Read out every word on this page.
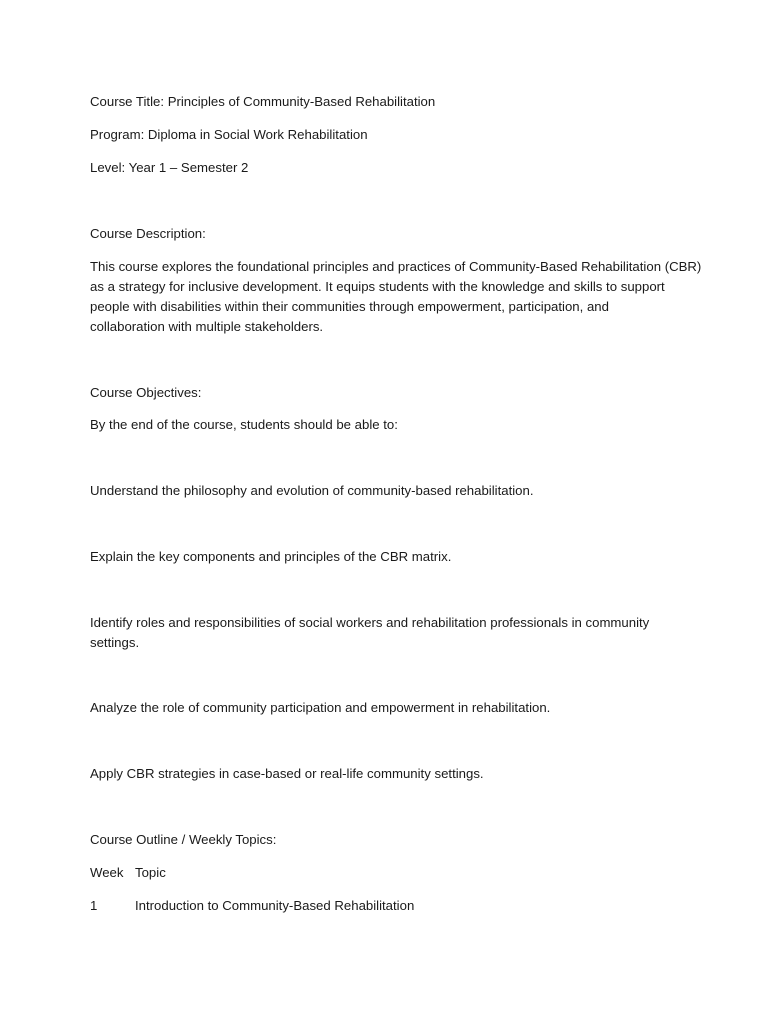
Course Title: Principles of Community-Based Rehabilitation
Program: Diploma in Social Work Rehabilitation
Level: Year 1 – Semester 2
Course Description:
This course explores the foundational principles and practices of Community-Based Rehabilitation (CBR)
as a strategy for inclusive development. It equips students with the knowledge and skills to support
people with disabilities within their communities through empowerment, participation, and
collaboration with multiple stakeholders.
Course Objectives:
By the end of the course, students should be able to:
Understand the philosophy and evolution of community-based rehabilitation.
Explain the key components and principles of the CBR matrix.
Identify roles and responsibilities of social workers and rehabilitation professionals in community
settings.
Analyze the role of community participation and empowerment in rehabilitation.
Apply CBR strategies in case-based or real-life community settings.
Course Outline / Weekly Topics:
Week Topic
1	Introduction to Community-Based Rehabilitation
